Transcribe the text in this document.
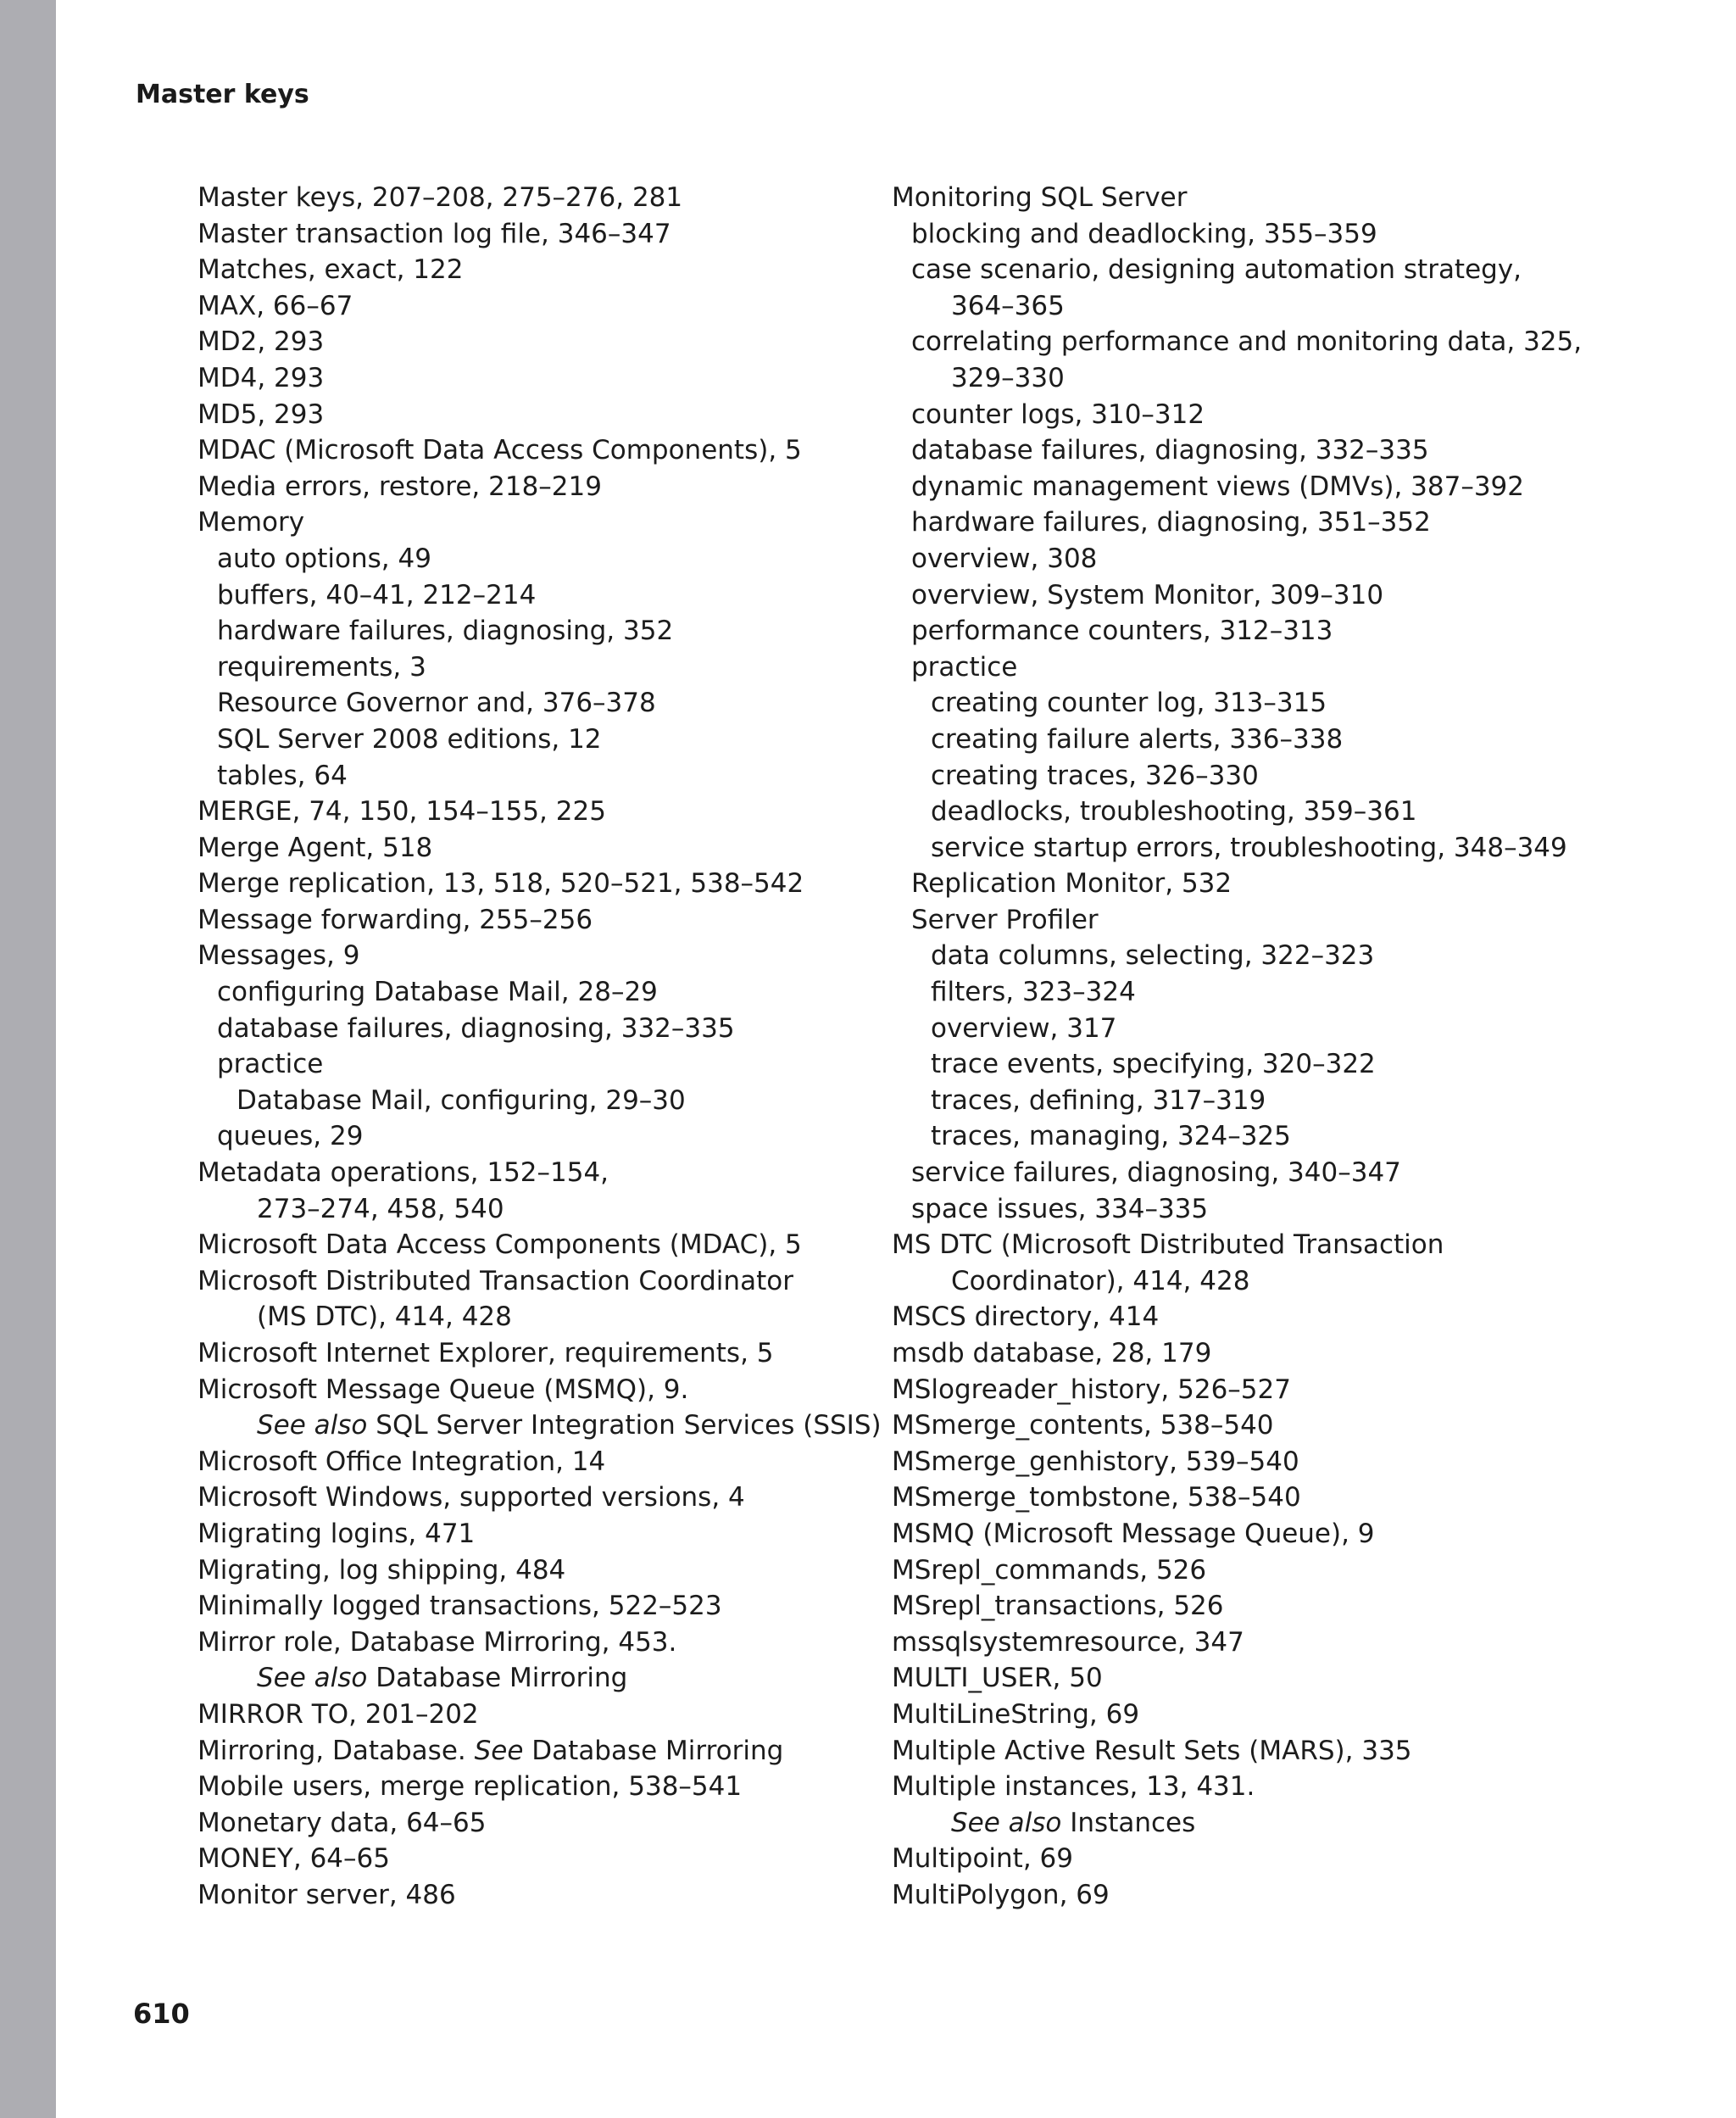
Master keys
Master keys, 207–208, 275–276, 281
Master transaction log file, 346–347
Matches, exact, 122
MAX, 66–67
MD2, 293
MD4, 293
MD5, 293
MDAC (Microsoft Data Access Components), 5
Media errors, restore, 218–219
Memory
auto options, 49
buffers, 40–41, 212–214
hardware failures, diagnosing, 352
requirements, 3
Resource Governor and, 376–378
SQL Server 2008 editions, 12
tables, 64
MERGE, 74, 150, 154–155, 225
Merge Agent, 518
Merge replication, 13, 518, 520–521, 538–542
Message forwarding, 255–256
Messages, 9
configuring Database Mail, 28–29
database failures, diagnosing, 332–335
practice
Database Mail, configuring, 29–30
queues, 29
Metadata operations, 152–154,
273–274, 458, 540
Microsoft Data Access Components (MDAC), 5
Microsoft Distributed Transaction Coordinator
(MS DTC), 414, 428
Microsoft Internet Explorer, requirements, 5
Microsoft Message Queue (MSMQ), 9.
See also SQL Server Integration Services (SSIS)
Microsoft Office Integration, 14
Microsoft Windows, supported versions, 4
Migrating logins, 471
Migrating, log shipping, 484
Minimally logged transactions, 522–523
Mirror role, Database Mirroring, 453.
See also Database Mirroring
MIRROR TO, 201–202
Mirroring, Database. See Database Mirroring
Mobile users, merge replication, 538–541
Monetary data, 64–65
MONEY, 64–65
Monitor server, 486
Monitoring SQL Server
blocking and deadlocking, 355–359
case scenario, designing automation strategy,
364–365
correlating performance and monitoring data, 325,
329–330
counter logs, 310–312
database failures, diagnosing, 332–335
dynamic management views (DMVs), 387–392
hardware failures, diagnosing, 351–352
overview, 308
overview, System Monitor, 309–310
performance counters, 312–313
practice
creating counter log, 313–315
creating failure alerts, 336–338
creating traces, 326–330
deadlocks, troubleshooting, 359–361
service startup errors, troubleshooting, 348–349
Replication Monitor, 532
Server Profiler
data columns, selecting, 322–323
filters, 323–324
overview, 317
trace events, specifying, 320–322
traces, defining, 317–319
traces, managing, 324–325
service failures, diagnosing, 340–347
space issues, 334–335
MS DTC (Microsoft Distributed Transaction
Coordinator), 414, 428
MSCS directory, 414
msdb database, 28, 179
MSlogreader_history, 526–527
MSmerge_contents, 538–540
MSmerge_genhistory, 539–540
MSmerge_tombstone, 538–540
MSMQ (Microsoft Message Queue), 9
MSrepl_commands, 526
MSrepl_transactions, 526
mssqlsystemresource, 347
MULTI_USER, 50
MultiLineString, 69
Multiple Active Result Sets (MARS), 335
Multiple instances, 13, 431.
See also Instances
Multipoint, 69
MultiPolygon, 69
610
